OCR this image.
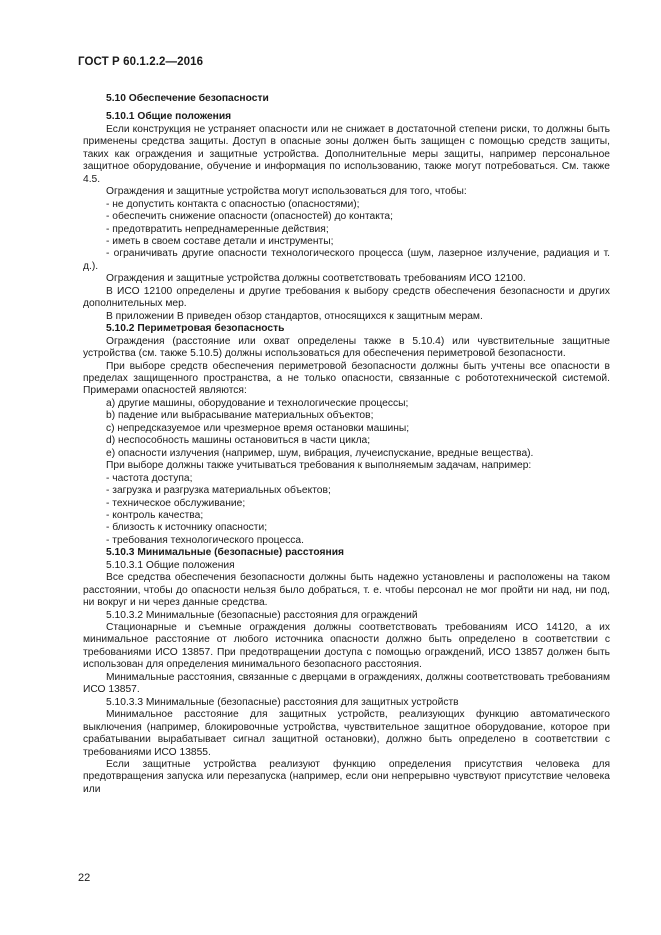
ГОСТ Р 60.1.2.2—2016

5.10 Обеспечение безопасности

5.10.1 Общие положения

Если конструкция не устраняет опасности или не снижает в достаточной степени риски, то должны быть применены средства защиты. Доступ в опасные зоны должен быть защищен с помощью средств защиты, таких как ограждения и защитные устройства. Дополнительные меры защиты, например персональное защитное оборудование, обучение и информация по использованию, также могут потребоваться. См. также 4.5.

Ограждения и защитные устройства могут использоваться для того, чтобы:

- не допустить контакта с опасностью (опасностями);

- обеспечить снижение опасности (опасностей) до контакта;

- предотвратить непреднамеренные действия;

- иметь в своем составе детали и инструменты;

- ограничивать другие опасности технологического процесса (шум, лазерное излучение, радиация и т. д.).

Ограждения и защитные устройства должны соответствовать требованиям ИСО 12100.

В ИСО 12100 определены и другие требования к выбору средств обеспечения безопасности и других дополнительных мер.

В приложении В приведен обзор стандартов, относящихся к защитным мерам.

5.10.2 Периметровая безопасность

Ограждения (расстояние или охват определены также в 5.10.4) или чувствительные защитные устройства (см. также 5.10.5) должны использоваться для обеспечения периметровой безопасности.

При выборе средств обеспечения периметровой безопасности должны быть учтены все опасности в пределах защищенного пространства, а не только опасности, связанные с робототехнической системой. Примерами опасностей являются:

a) другие машины, оборудование и технологические процессы;

b) падение или выбрасывание материальных объектов;

c) непредсказуемое или чрезмерное время остановки машины;

d) неспособность машины остановиться в части цикла;

e) опасности излучения (например, шум, вибрация, лучеиспускание, вредные вещества).

При выборе должны также учитываться требования к выполняемым задачам, например:

- частота доступа;

- загрузка и разгрузка материальных объектов;

- техническое обслуживание;

- контроль качества;

- близость к источнику опасности;

- требования технологического процесса.

5.10.3 Минимальные (безопасные) расстояния

5.10.3.1 Общие положения

Все средства обеспечения безопасности должны быть надежно установлены и расположены на таком расстоянии, чтобы до опасности нельзя было добраться, т. е. чтобы персонал не мог пройти ни над, ни под, ни вокруг и ни через данные средства.

5.10.3.2 Минимальные (безопасные) расстояния для ограждений

Стационарные и съемные ограждения должны соответствовать требованиям ИСО 14120, а их минимальное расстояние от любого источника опасности должно быть определено в соответствии с требованиями ИСО 13857. При предотвращении доступа с помощью ограждений, ИСО 13857 должен быть использован для определения минимального безопасного расстояния.

Минимальные расстояния, связанные с дверцами в ограждениях, должны соответствовать требованиям ИСО 13857.

5.10.3.3 Минимальные (безопасные) расстояния для защитных устройств

Минимальное расстояние для защитных устройств, реализующих функцию автоматического выключения (например, блокировочные устройства, чувствительное защитное оборудование, которое при срабатывании вырабатывает сигнал защитной остановки), должно быть определено в соответствии с требованиями ИСО 13855.

Если защитные устройства реализуют функцию определения присутствия человека для предотвращения запуска или перезапуска (например, если они непрерывно чувствуют присутствие человека или

22
